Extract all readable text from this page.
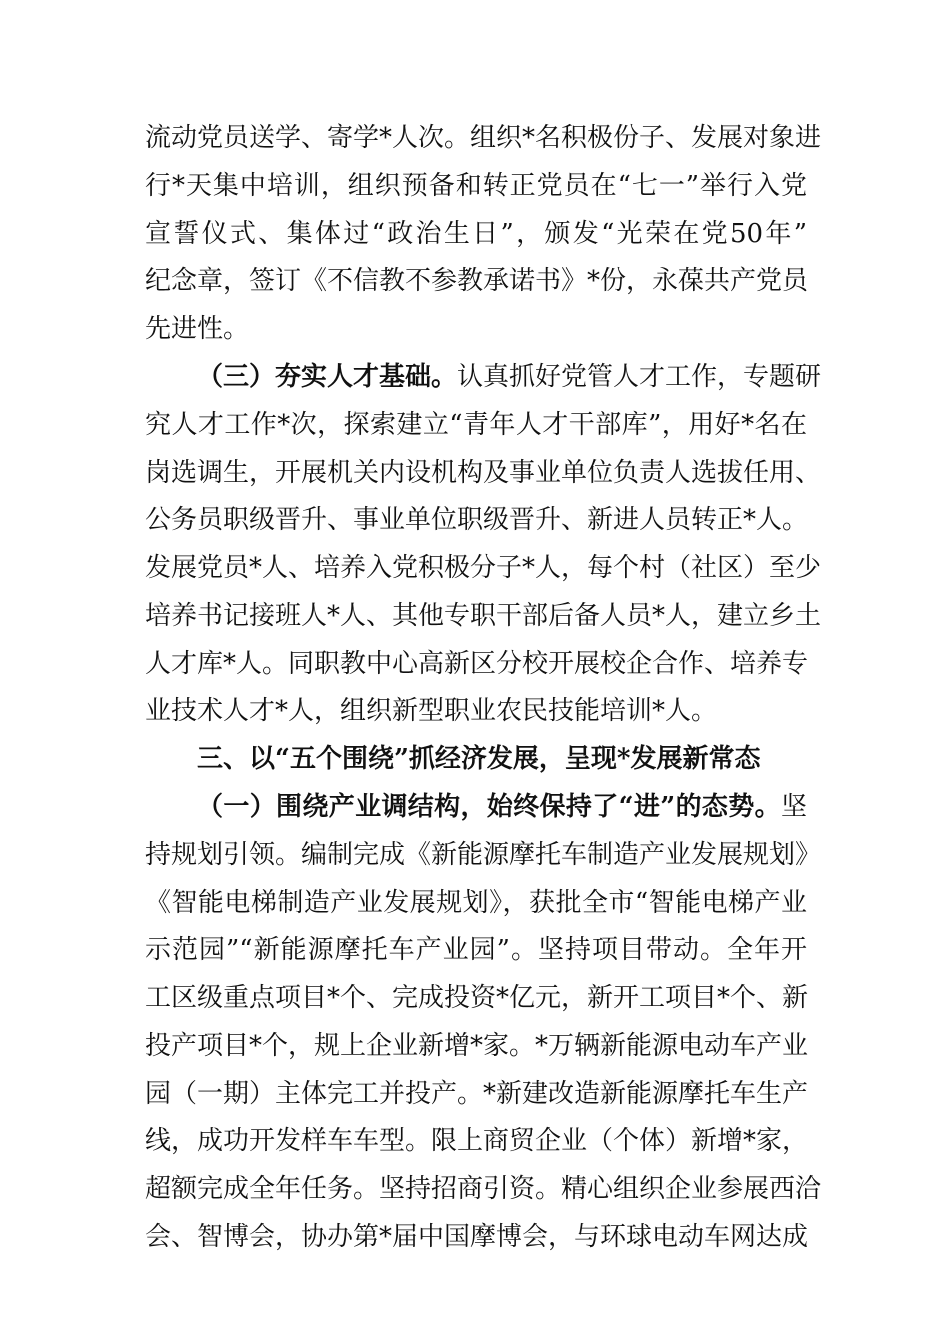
流动党员送学、寄学*人次。组织*名积极份子、发展对象进
行*天集中培训，组织预备和转正党员在“七一”举行入党
宣誓仪式、集体过“政治生日”，颁发“光荣在党50年”
纪念章，签订《不信教不参教承诺书》*份，永葆共产党员
先进性。
（三）夯实人才基础。认真抓好党管人才工作，专题研
究人才工作*次，探索建立“青年人才干部库”，用好*名在
岗选调生，开展机关内设机构及事业单位负责人选拔任用、
公务员职级晋升、事业单位职级晋升、新进人员转正*人。
发展党员*人、培养入党积极分子*人，每个村（社区）至少
培养书记接班人*人、其他专职干部后备人员*人，建立乡土
人才库*人。同职教中心高新区分校开展校企合作、培养专
业技术人才*人，组织新型职业农民技能培训*人。
三、以“五个围绕”抓经济发展，呈现*发展新常态
（一）围绕产业调结构，始终保持了“进”的态势。坚
持规划引领。编制完成《新能源摩托车制造产业发展规划》
《智能电梯制造产业发展规划》，获批全市“智能电梯产业
示范园”“新能源摩托车产业园”。坚持项目带动。全年开
工区级重点项目*个、完成投资*亿元，新开工项目*个、新
投产项目*个，规上企业新增*家。*万辆新能源电动车产业
园（一期）主体完工并投产。*新建改造新能源摩托车生产
线，成功开发样车车型。限上商贸企业（个体）新增*家，
超额完成全年任务。坚持招商引资。精心组织企业参展西洽
会、智博会，协办第*届中国摩博会，与环球电动车网达成
